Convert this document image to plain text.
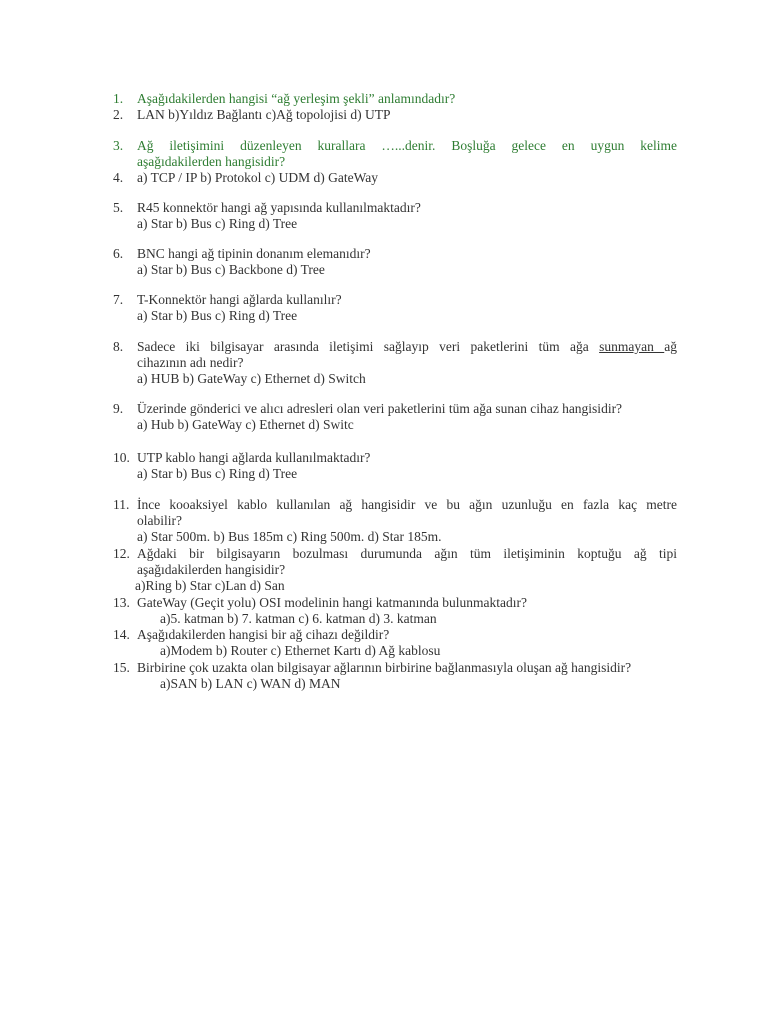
1. Aşağıdakilerden hangisi “ağ yerleşim şekli” anlamındadır?
2. LAN b)Yıldız Bağlantı c)Ağ topolojisi d) UTP
3. Ağ iletişimini düzenleyen kurallara …...denir. Boşluğa gelece en uygun kelime
aşağıdakilerden hangisidir?
4. a) TCP / IP b) Protokol c) UDM d) GateWay
5. R45 konnektör hangi ağ yapısında kullanılmaktadır?
a) Star b) Bus c) Ring d) Tree
6. BNC hangi ağ tipinin donanım elemanıdır?
a) Star b) Bus c) Backbone d) Tree
7. T-Konnektör hangi ağlarda kullanılır?
a) Star b) Bus c) Ring d) Tree
8. Sadece iki bilgisayar arasında iletişimi sağlayıp veri paketlerini tüm ağa sunmayan ağ
cihazının adı nedir?
a) HUB b) GateWay c) Ethernet d) Switch
9. Üzerinde gönderici ve alıcı adresleri olan veri paketlerini tüm ağa sunan cihaz hangisidir?
a) Hub b) GateWay c) Ethernet d) Switc
10. UTP kablo hangi ağlarda kullanılmaktadır?
a) Star b) Bus c) Ring d) Tree
11. İnce kooaksiyel kablo kullanılan ağ hangisidir ve bu ağın uzunluğu en fazla kaç metre
olabilir?
a) Star 500m. b) Bus 185m c) Ring 500m. d) Star 185m.
12. Ağdaki bir bilgisayarın bozulması durumunda ağın tüm iletişiminin koptuğu ağ tipi
aşağıdakilerden hangisidir?
a)Ring b) Star c)Lan d) San
13. GateWay (Geçit yolu) OSI modelinin hangi katmanında bulunmaktadır?
a)5. katman b) 7. katman c) 6. katman d) 3. katman
14. Aşağıdakilerden hangisi bir ağ cihazı değildir?
a)Modem b) Router c) Ethernet Kartı d) Ağ kablosu
15. Birbirine çok uzakta olan bilgisayar ağlarının birbirine bağlanmasıyla oluşan ağ hangisidir?
a)SAN b) LAN c) WAN d) MAN
